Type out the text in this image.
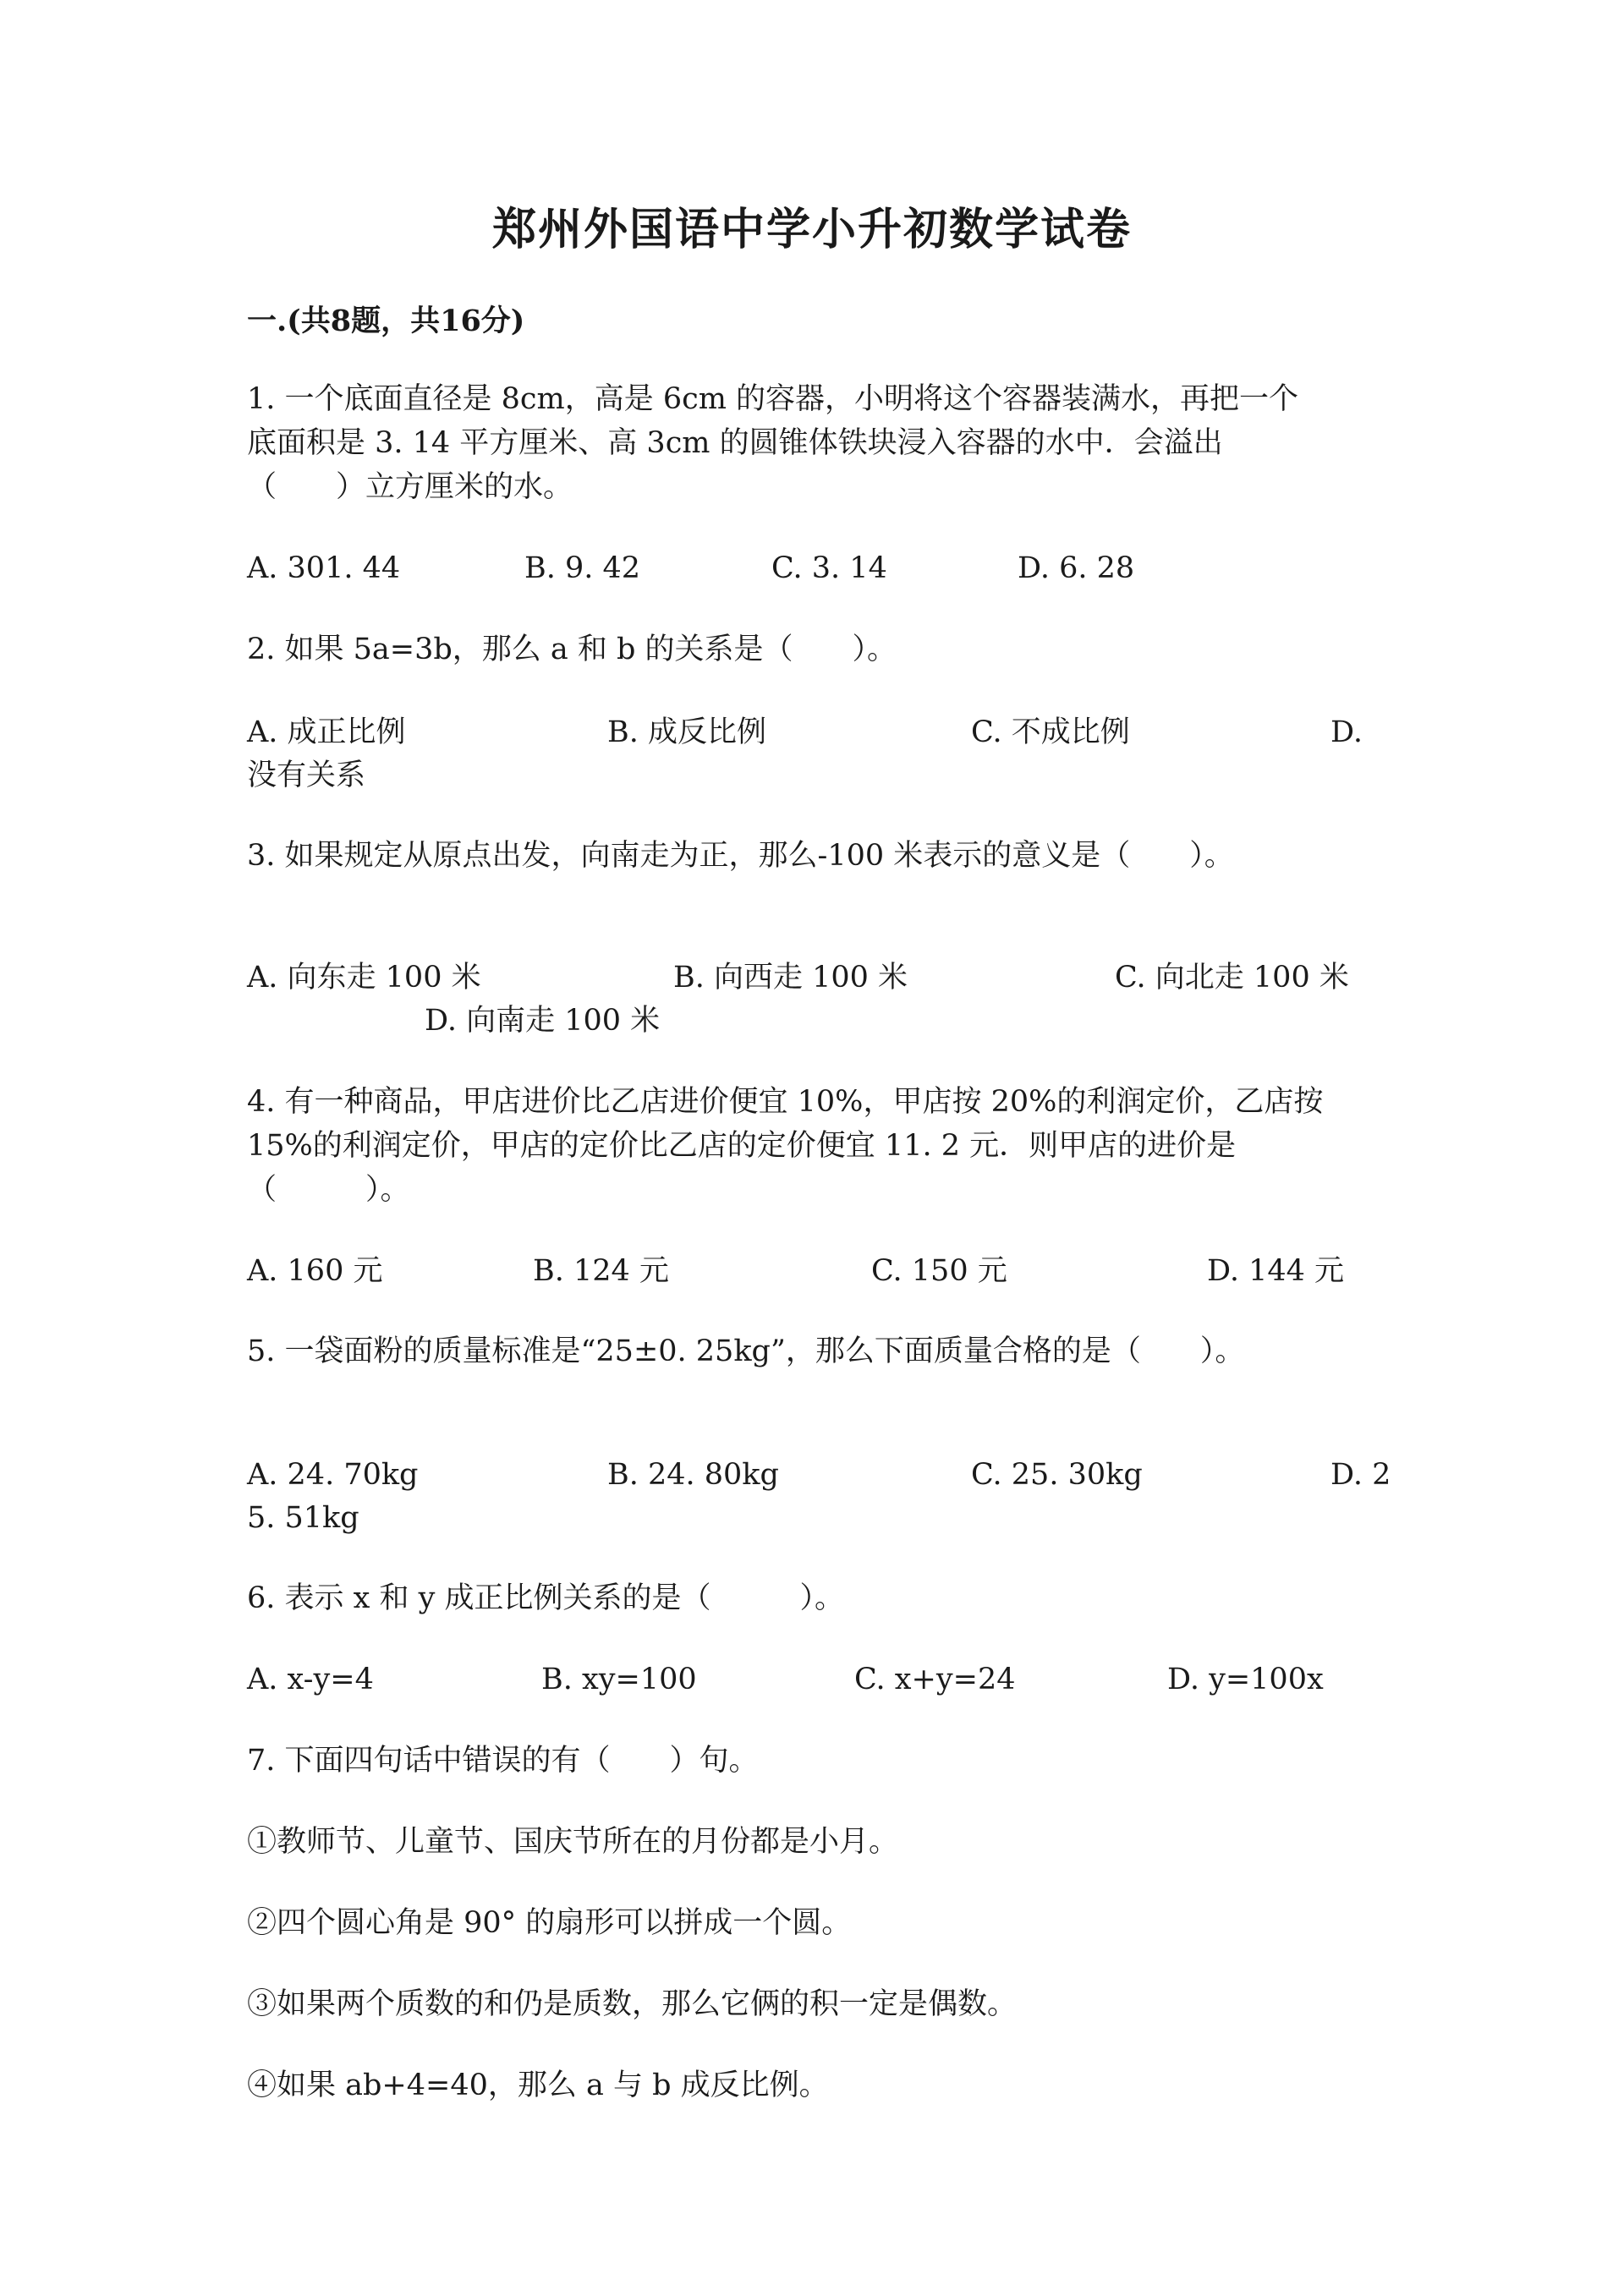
郑州外国语中学小升初数学试卷
一.(共8题，共16分)

1. 一个底面直径是 8cm，高是 6cm 的容器，小明将这个容器装满水，再把一个

底面积是 3. 14 平方厘米、高 3cm 的圆锥体铁块浸入容器的水中．会溢出

（　　）立方厘米的水。

A. 301. 44	B. 9. 42	C. 3. 14	D. 6. 28

2. 如果 5a=3b，那么 a 和 b 的关系是（　　）。

A. 成正比例	B. 成反比例	C. 不成比例	D.
没有关系

3. 如果规定从原点出发，向南走为正，那么-100 米表示的意义是（　　）。

A. 向东走 100 米	B. 向西走 100 米	C. 向北走 100 米
D. 向南走 100 米

4. 有一种商品，甲店进价比乙店进价便宜 10%，甲店按 20%的利润定价，乙店按

15%的利润定价，甲店的定价比乙店的定价便宜 11. 2 元．则甲店的进价是

（　　　）。

A. 160 元	B. 124 元	C. 150 元	D. 144 元

5. 一袋面粉的质量标准是“25±0. 25kg”，那么下面质量合格的是（　　）。

A. 24. 70kg	B. 24. 80kg	C. 25. 30kg	D. 2
5. 51kg

6. 表示 x 和 y 成正比例关系的是（　　　）。

A. x-y=4	B. xy=100	C. x+y=24	D. y=100x

7. 下面四句话中错误的有（　　）句。

①教师节、儿童节、国庆节所在的月份都是小月。

②四个圆心角是 90° 的扇形可以拼成一个圆。

③如果两个质数的和仍是质数，那么它俩的积一定是偶数。

④如果 ab+4=40，那么 a 与 b 成反比例。
